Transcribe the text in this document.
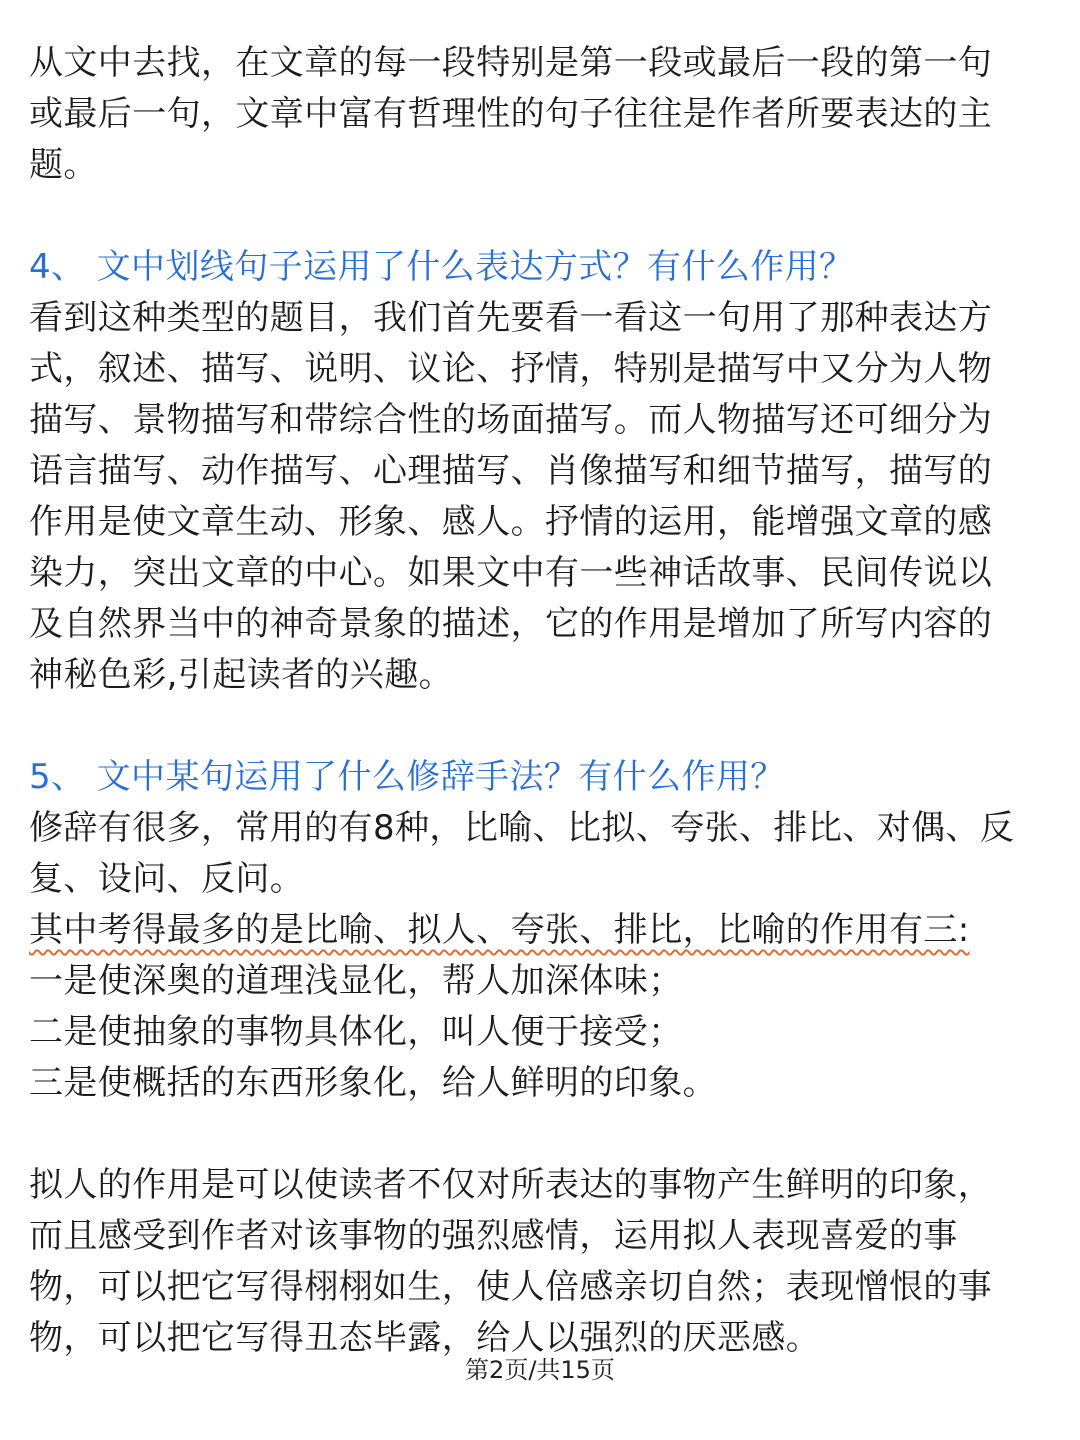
从文中去找，在文章的每一段特别是第一段或最后一段的第一句
或最后一句，文章中富有哲理性的句子往往是作者所要表达的主
题。
4、 文中划线句子运用了什么表达方式？有什么作用？
看到这种类型的题目，我们首先要看一看这一句用了那种表达方
式，叙述、描写、说明、议论、抒情，特别是描写中又分为人物
描写、景物描写和带综合性的场面描写。而人物描写还可细分为
语言描写、动作描写、心理描写、肖像描写和细节描写，描写的
作用是使文章生动、形象、感人。抒情的运用，能增强文章的感
染力，突出文章的中心。如果文中有一些神话故事、民间传说以
及自然界当中的神奇景象的描述，它的作用是增加了所写内容的
神秘色彩,引起读者的兴趣。
5、 文中某句运用了什么修辞手法？有什么作用？
修辞有很多，常用的有8种，比喻、比拟、夸张、排比、对偶、反
复、设问、反问。
其中考得最多的是比喻、拟人、夸张、排比，比喻的作用有三:
一是使深奥的道理浅显化，帮人加深体味；
二是使抽象的事物具体化，叫人便于接受；
三是使概括的东西形象化，给人鲜明的印象。
拟人的作用是可以使读者不仅对所表达的事物产生鲜明的印象，
而且感受到作者对该事物的强烈感情，运用拟人表现喜爱的事
物，可以把它写得栩栩如生，使人倍感亲切自然；表现憎恨的事
物，可以把它写得丑态毕露，给人以强烈的厌恶感。
第2页/共15页
